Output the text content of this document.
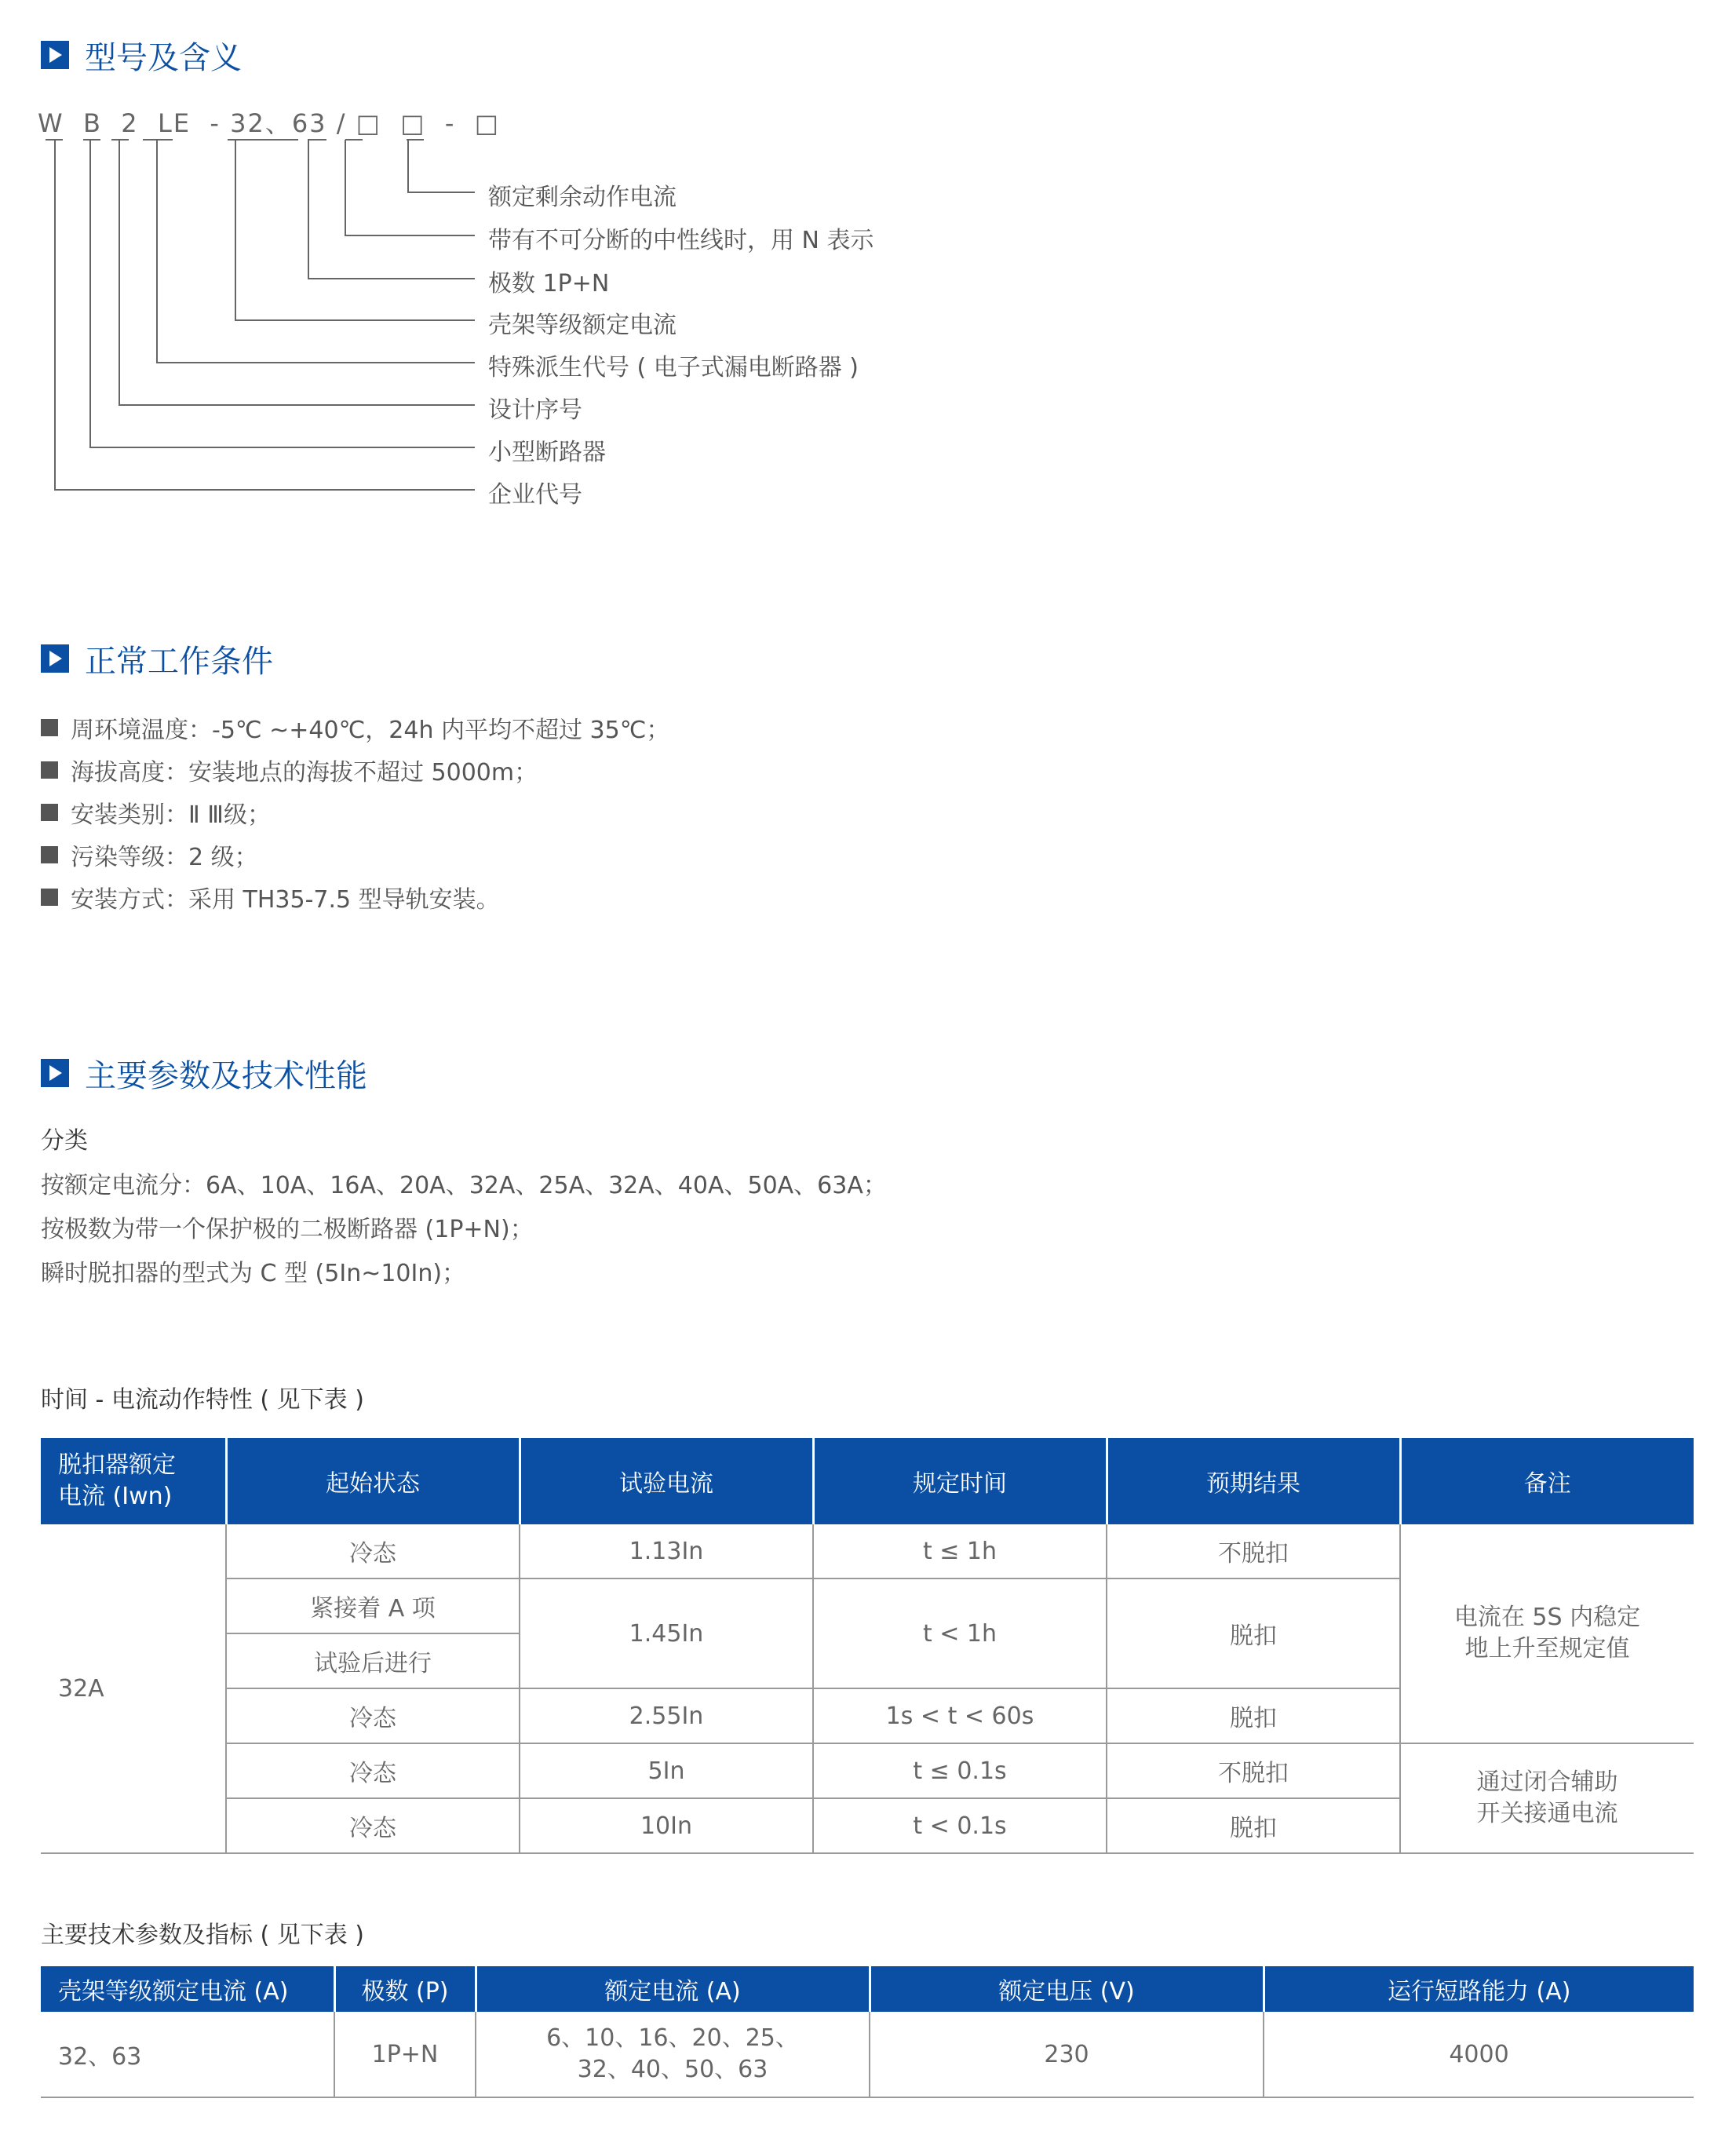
型号及含义
W  B  2  LE  - 32、63 / □  □  -  □
额定剩余动作电流
带有不可分断的中性线时，用 N 表示
极数 1P+N
壳架等级额定电流
特殊派生代号 ( 电子式漏电断路器 )
设计序号
小型断路器
企业代号
正常工作条件
周环境温度：-5℃ ~+40℃，24h 内平均不超过 35℃；
海拔高度：安装地点的海拔不超过 5000m；
安装类别：Ⅱ Ⅲ级；
污染等级：2 级；
安装方式：采用 TH35-7.5 型导轨安装。
主要参数及技术性能
分类
按额定电流分：6A、10A、16A、20A、32A、25A、32A、40A、50A、63A；
按极数为带一个保护极的二极断路器 (1P+N)；
瞬时脱扣器的型式为 C 型 (5In~10In)；
时间 - 电流动作特性 ( 见下表 )
脱扣器额定
电流 (Iwn)	起始状态	试验电流	规定时间	预期结果	备注
32A	冷态	1.13In	t ≤ 1h	不脱扣	电流在 5S 内稳定
地上升至规定值
	紧接着 A 项	1.45In	t < 1h	脱扣	
	试验后进行				
	冷态	2.55In	1s < t < 60s	脱扣	
	冷态	5In	t ≤ 0.1s	不脱扣	通过闭合辅助
开关接通电流
	冷态	10In	t < 0.1s	脱扣	
主要技术参数及指标 ( 见下表 )
壳架等级额定电流 (A)	极数 (P)	额定电流 (A)	额定电压 (V)	运行短路能力 (A)
32、63	1P+N	6、10、16、20、25、
32、40、50、63	230	4000
